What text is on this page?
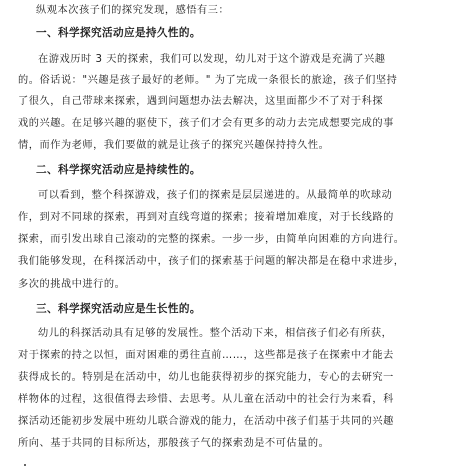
纵观本次孩子们的探究发现，感悟有三：
一、科学探究活动应是持久性的。
在游戏历时 3 天的探索，我们可以发现，幼儿对于这个游戏是充满了兴趣
的。俗话说："兴趣是孩子最好的老师。" 为了完成一条很长的旅途，孩子们坚持
了很久，自己带球来探索，遇到问题想办法去解决，这里面都少不了对于科探
戏的兴趣。在足够兴趣的驱使下，孩子们才会有更多的动力去完成想要完成的事
情，而作为老师，我们要做的就是让孩子的探究兴趣保持持久性。
二、科学探究活动应是持续性的。
可以看到，整个科探游戏，孩子们的探索是层层递进的。从最简单的吹球动
作，到对不同球的探索，再到对直线弯道的探索；接着增加难度，对于长线路的
探索，而引发出球自己滚动的完整的探索。一步一步，由简单向困难的方向进行。
我们能够发现，在科探活动中，孩子们的探索基于问题的解决都是在稳中求进步，
多次的挑战中进行的。
三、科学探究活动应是生长性的。
幼儿的科探活动具有足够的发展性。整个活动下来，相信孩子们必有所获，
对于探索的持之以恒，面对困难的勇往直前……，这些都是孩子在探索中才能去
获得成长的。特别是在活动中，幼儿也能获得初步的探究能力，专心的去研究一
样物体的过程，这很值得去珍惜、去思考。从儿童在活动中的社会行为来看，科
探活动还能初步发展中班幼儿联合游戏的能力，在活动中孩子们基于共同的兴趣
所向、基于共同的目标所达，那般孩子气的探索劲是不可估量的。
